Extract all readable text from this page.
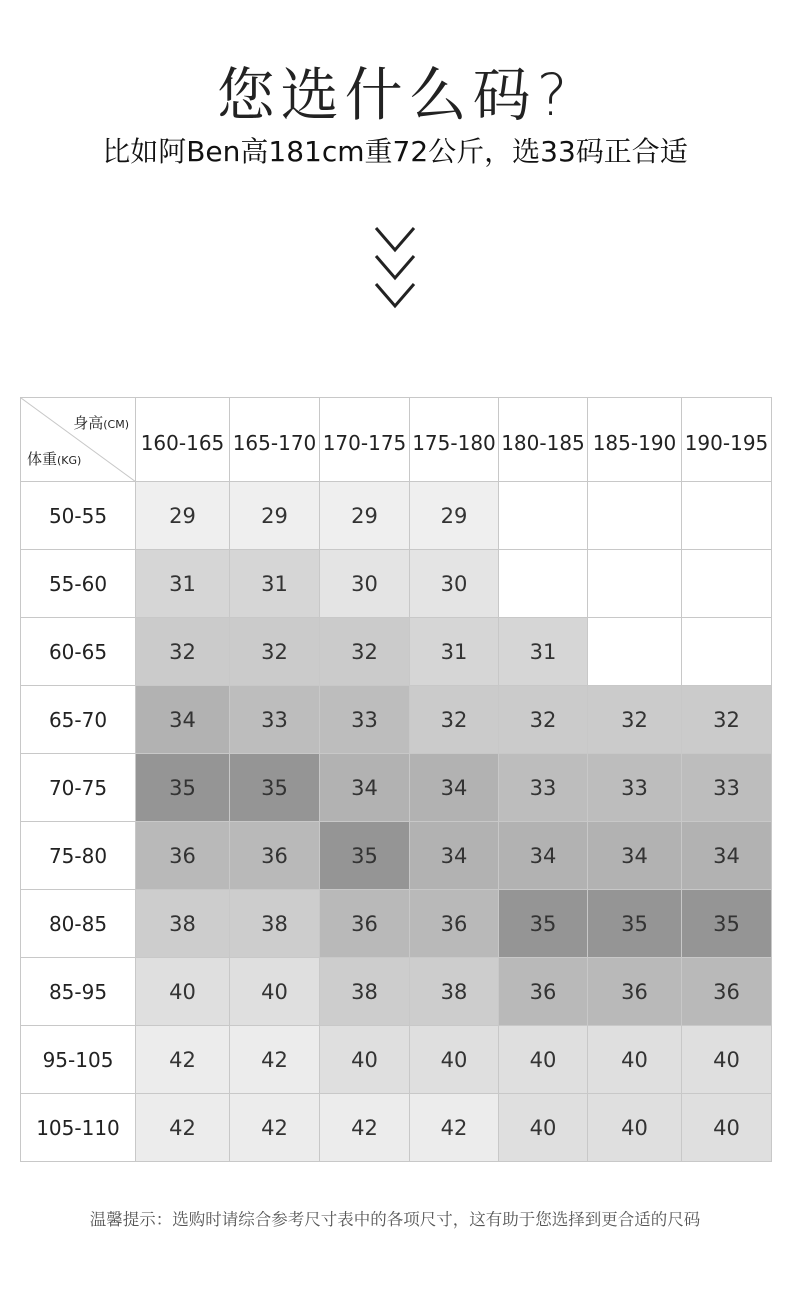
您选什么码?
比如阿Ben高181cm重72公斤，选33码正合适
身高(CM)
体重(KG)	160-165	165-170	170-175	175-180	180-185	185-190	190-195
50-55	29	29	29	29			
55-60	31	31	30	30			
60-65	32	32	32	31	31		
65-70	34	33	33	32	32	32	32
70-75	35	35	34	34	33	33	33
75-80	36	36	35	34	34	34	34
80-85	38	38	36	36	35	35	35
85-95	40	40	38	38	36	36	36
95-105	42	42	40	40	40	40	40
105-110	42	42	42	42	40	40	40
温馨提示：选购时请综合参考尺寸表中的各项尺寸，这有助于您选择到更合适的尺码
